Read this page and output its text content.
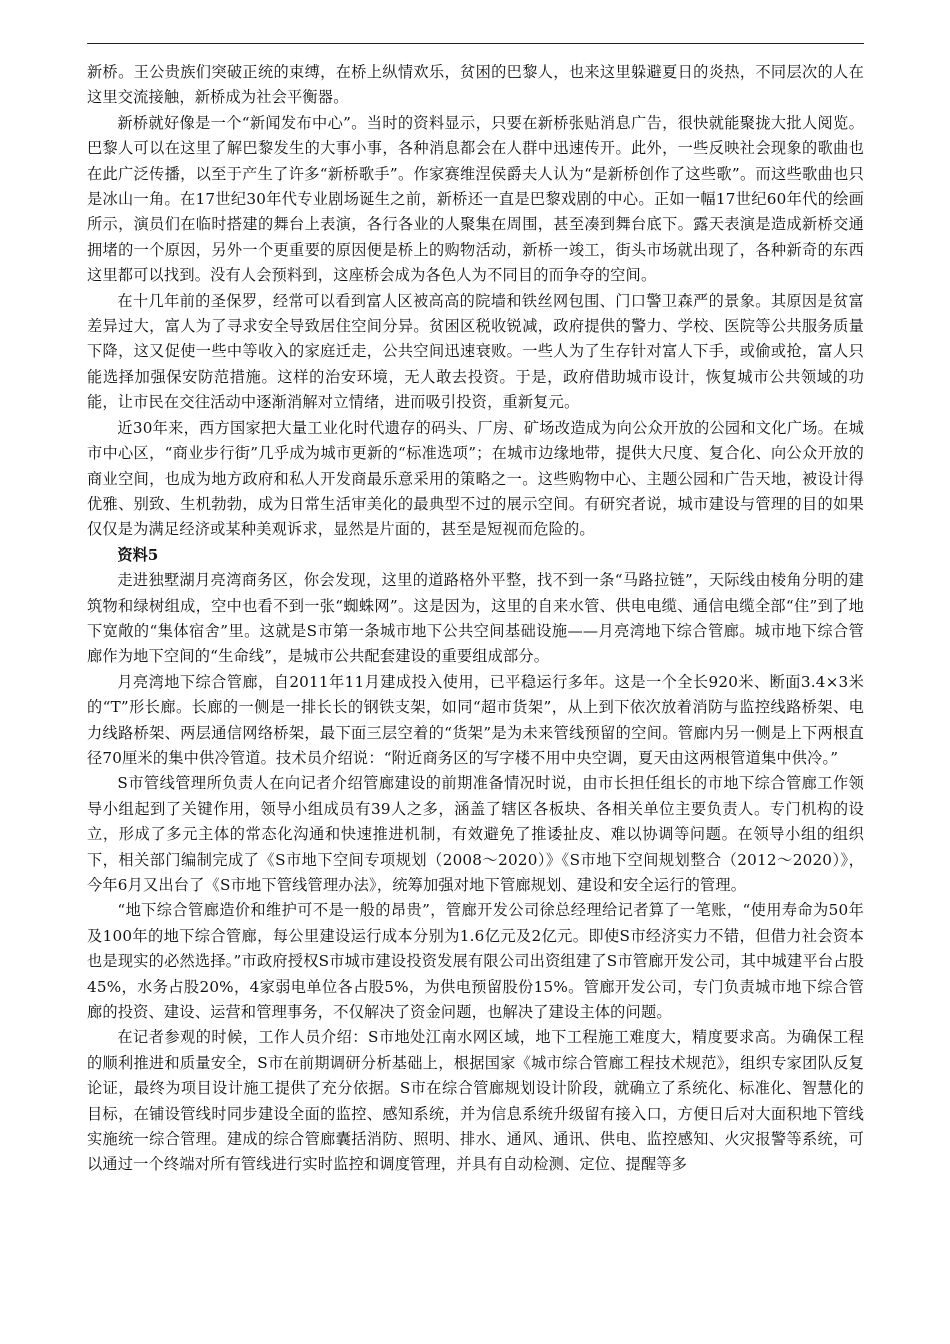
新桥。王公贵族们突破正统的束缚，在桥上纵情欢乐，贫困的巴黎人，也来这里躲避夏日的炎热，不同层次的人在这里交流接触，新桥成为社会平衡器。

新桥就好像是一个“新闻发布中心”。当时的资料显示，只要在新桥张贴消息广告，很快就能聚拢大批人阅览。巴黎人可以在这里了解巴黎发生的大事小事，各种消息都会在人群中迅速传开。此外，一些反映社会现象的歌曲也在此广泛传播，以至于产生了许多“新桥歌手”。作家赛维涅侯爵夫人认为“是新桥创作了这些歌”。而这些歌曲也只是冰山一角。在17世纪30年代专业剧场诞生之前，新桥还一直是巴黎戏剧的中心。正如一幅17世纪60年代的绘画所示，演员们在临时搭建的舞台上表演，各行各业的人聚集在周围，甚至凑到舞台底下。露天表演是造成新桥交通拥堵的一个原因，另外一个更重要的原因便是桥上的购物活动，新桥一竣工，街头市场就出现了，各种新奇的东西这里都可以找到。没有人会预料到，这座桥会成为各色人为不同目的而争夺的空间。

在十几年前的圣保罗，经常可以看到富人区被高高的院墙和铁丝网包围、门口警卫森严的景象。其原因是贫富差异过大，富人为了寻求安全导致居住空间分异。贫困区税收锐减，政府提供的警力、学校、医院等公共服务质量下降，这又促使一些中等收入的家庭迁走，公共空间迅速衰败。一些人为了生存针对富人下手，或偷或抢，富人只能选择加强保安防范措施。这样的治安环境，无人敢去投资。于是，政府借助城市设计，恢复城市公共领域的功能，让市民在交往活动中逐渐消解对立情绪，进而吸引投资，重新复元。

近30年来，西方国家把大量工业化时代遗存的码头、厂房、矿场改造成为向公众开放的公园和文化广场。在城市中心区，“商业步行街”几乎成为城市更新的“标准选项”；在城市边缘地带，提供大尺度、复合化、向公众开放的商业空间，也成为地方政府和私人开发商最乐意采用的策略之一。这些购物中心、主题公园和广告天地，被设计得优雅、别致、生机勃勃，成为日常生活审美化的最典型不过的展示空间。有研究者说，城市建设与管理的目的如果仅仅是为满足经济或某种美观诉求，显然是片面的，甚至是短视而危险的。

资料5

走进独墅湖月亮湾商务区，你会发现，这里的道路格外平整，找不到一条“马路拉链”，天际线由棱角分明的建筑物和绿树组成，空中也看不到一张“蜘蛛网”。这是因为，这里的自来水管、供电电缆、通信电缆全部“住”到了地下宽敞的“集体宿舍”里。这就是S市第一条城市地下公共空间基础设施——月亮湾地下综合管廊。城市地下综合管廊作为地下空间的“生命线”，是城市公共配套建设的重要组成部分。

月亮湾地下综合管廊，自2011年11月建成投入使用，已平稳运行多年。这是一个全长920米、断面3.4×3米的“T”形长廊。长廊的一侧是一排长长的钢铁支架，如同“超市货架”，从上到下依次放着消防与监控线路桥架、电力线路桥架、两层通信网络桥架，最下面三层空着的“货架”是为未来管线预留的空间。管廊内另一侧是上下两根直径70厘米的集中供冷管道。技术员介绍说：“附近商务区的写字楼不用中央空调，夏天由这两根管道集中供冷。”

S市管线管理所负责人在向记者介绍管廊建设的前期准备情况时说，由市长担任组长的市地下综合管廊工作领导小组起到了关键作用，领导小组成员有39人之多，涵盖了辖区各板块、各相关单位主要负责人。专门机构的设立，形成了多元主体的常态化沟通和快速推进机制，有效避免了推诿扯皮、难以协调等问题。在领导小组的组织下，相关部门编制完成了《S市地下空间专项规划（2008～2020）》《S市地下空间规划整合（2012～2020）》，今年6月又出台了《S市地下管线管理办法》，统筹加强对地下管廊规划、建设和安全运行的管理。

“地下综合管廊造价和维护可不是一般的昂贵”，管廊开发公司徐总经理给记者算了一笔账，“使用寿命为50年及100年的地下综合管廊，每公里建设运行成本分别为1.6亿元及2亿元。即使S市经济实力不错，但借力社会资本也是现实的必然选择。”市政府授权S市城市建设投资发展有限公司出资组建了S市管廊开发公司，其中城建平台占股45%，水务占股20%，4家弱电单位各占股5%，为供电预留股份15%。管廊开发公司，专门负责城市地下综合管廊的投资、建设、运营和管理事务，不仅解决了资金问题，也解决了建设主体的问题。

在记者参观的时候，工作人员介绍：S市地处江南水网区域，地下工程施工难度大，精度要求高。为确保工程的顺利推进和质量安全，S市在前期调研分析基础上，根据国家《城市综合管廊工程技术规范》，组织专家团队反复论证，最终为项目设计施工提供了充分依据。S市在综合管廊规划设计阶段，就确立了系统化、标准化、智慧化的目标，在铺设管线时同步建设全面的监控、感知系统，并为信息系统升级留有接入口，方便日后对大面积地下管线实施统一综合管理。建成的综合管廊囊括消防、照明、排水、通风、通讯、供电、监控感知、火灾报警等系统，可以通过一个终端对所有管线进行实时监控和调度管理，并具有自动检测、定位、提醒等多
